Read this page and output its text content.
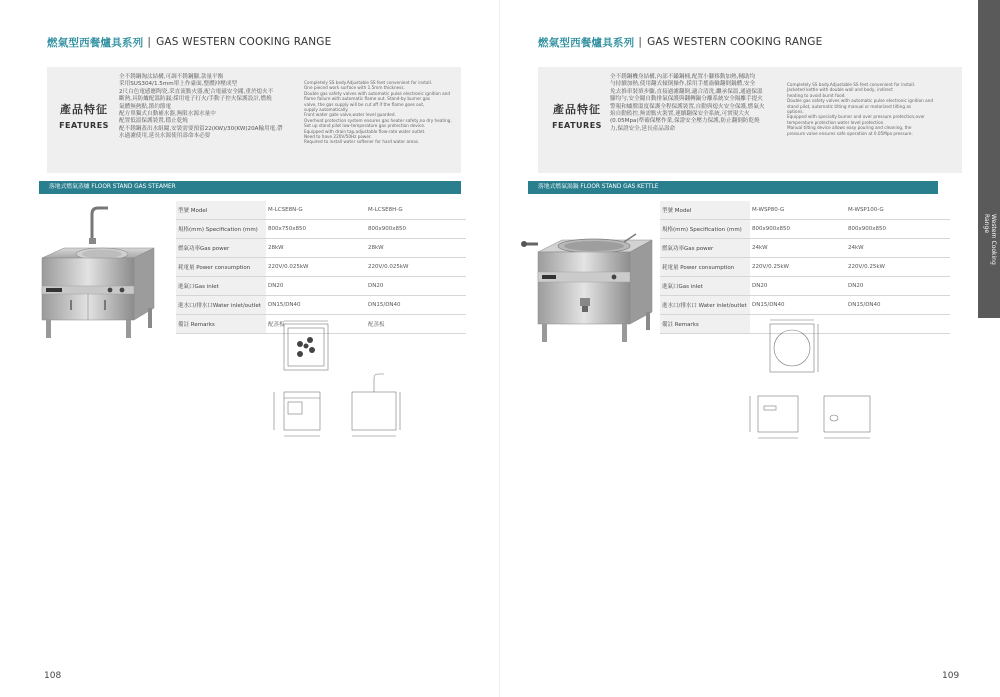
燃氣型西餐爐具系列 | GAS WESTERN COOKING RANGE
產品特征
FEATURES
全不銹鋼淘汰結構,可調不銹鋼腳,款量平衡
采用SUS304/1.5mm單上作臺面,整體沖壓成型
2尺白色電感應陶瓷,采直流點火器,配合電磁安全閥,重於熄火不
斷熱,具防爐配溫防漏;採用電子打火/手動子控火保護設計,燃燒
氣體無熱點,節約節電
配方單獨式自動補水器,無限水源水量中
配置低溫保護裝置,穩止乾燒
配不銹鋼蓋出水組閥,安裝需要預留22(KW)/30(KW)20A輸用電,帶
水過濾使用,延長水源使用壽命本必要
Completely SS body.Adjustable SS feet convenient for install.
One pieced work surface with 1.5mm thickness.
Double gas safety valves with automatic pulse electronic ignition and
flame failure with automatic flame out. Stand-by burner gas
valve, the gas supply will be cut off if the flame goes out,
supply automatically.
Front water gate valve,water level guarded.
Overheat protection system ensures gas heater safety,no dry heating.
Set up stand pilot low-temperature gas protection device.
Equipped with drain tap,adjustable flow-rate water outlet.
Need to have 220V/50Hz power.
Required to install water softener for hard water areas.
落地式燃氣蒸爐 FLOOR STAND GAS STEAMER
型號 Model	M-LCSE8N-G	M-LCSE8H-G
規格(mm) Specification (mm)	800x750x850	800x900x850
燃氣功率Gas power	28kW	28kW
耗電量 Power consumption	220V/0.025kW	220V/0.025kW
進氣口Gas inlet	DN20	DN20
進水口/排水口Water inlet/outlet	DN15/DN40	DN15/DN40
備註 Remarks	配蒸板	配蒸板
108
燃氣型西餐爐具系列 | GAS WESTERN COOKING RANGE
產品特征
FEATURES
全不銹鋼機身結構,內部不鏽鋼桶,配置小腳移動加熱,輔助均
勻持續加熱,使用翻式傾倒操作,採用手搖齒輪翻倒鍋體,安全
免去推車裝填步驟,直接過濾翻倒,適合清洗,繼承保溫,通過保溫
腳均勻,安全閥自動排氣保護與翻轉鍋分離系統安全隔離手提火
警報和爐膛溫度保護全程保護裝置,自動與熄火安全保護,燃氣火
焰自動監控,無需點火裝置,連續翻保安全系統,可實現大火
(0.05Mpa)準確保壓作業,保證安全壓力保護,防止翻倒防乾燒
力,保證安全,延長產品壽命
Completely SS body.Adjustable SS feet convenient for install.
Jacketed kettle with double wall and body, indirect
heating to avoid burnt food.
Double gas safety valves with automatic pulse electronic ignition and
stand pilot, automatic tilting manual or motorized tilting as
options.
Equipped with specialty burner and over pressure protection,over
temperature protection water level protection.
Manual tilting device allows easy pouring and cleaning, the
pressure valve ensures safe operation at 0.05Mpa pressure.
落地式燃氣湯鍋 FLOOR STAND GAS KETTLE
型號 Model	M-WSP80-G	M-WSP100-G
規格(mm) Specification (mm)	800x900x850	800x900x850
燃氣功率Gas power	24kW	24kW
耗電量 Power consumption	220V/0.25kW	220V/0.25kW
進氣口Gas inlet	DN20	DN20
進水口/排水口 Water inlet/outlet	DN15/DN40	DN15/DN40
備註 Remarks		
109
Western Cooking
Range
